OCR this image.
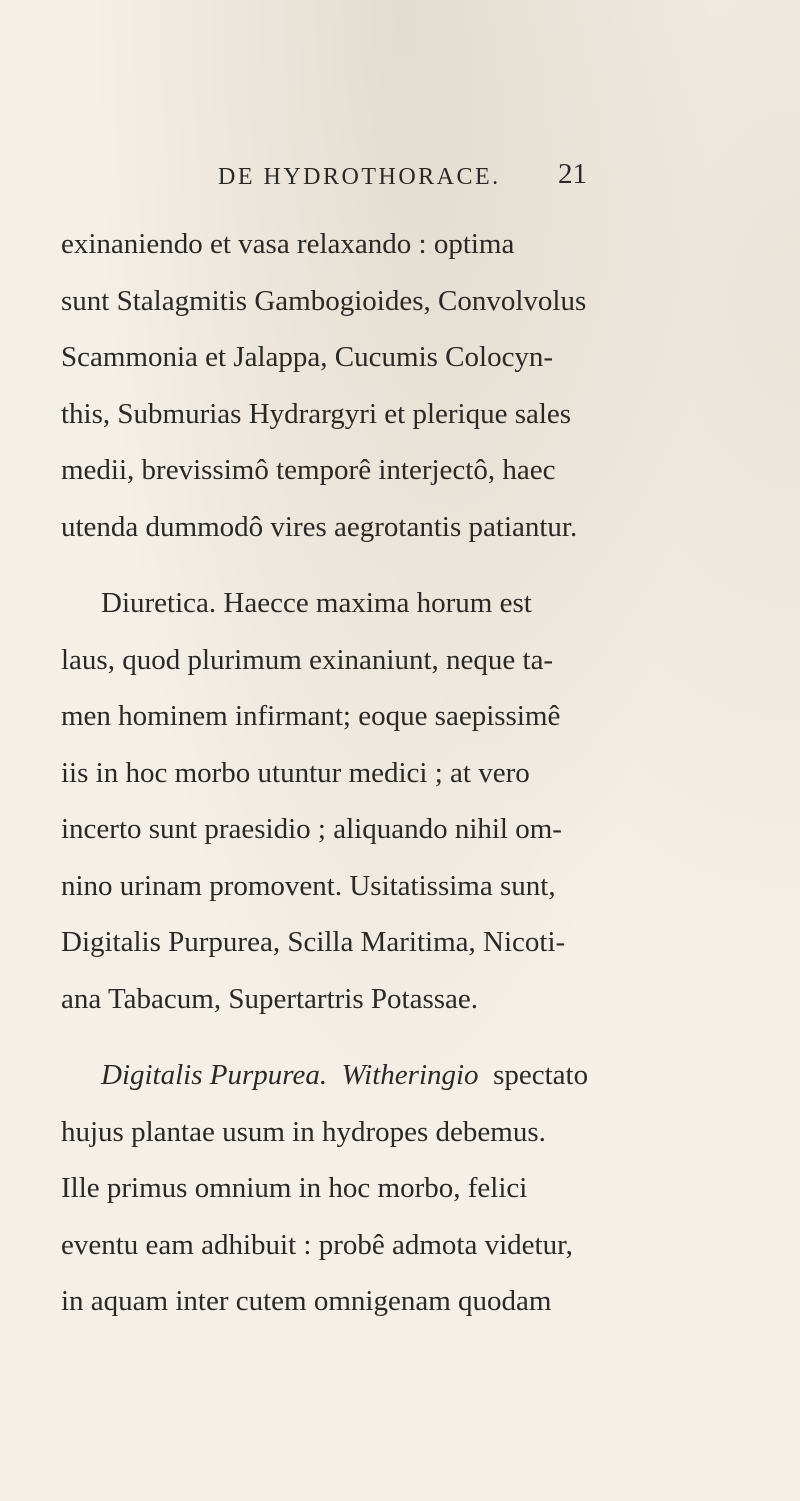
DE HYDROTHORACE. 21
exinaniendo et vasa relaxando : optima
sunt Stalagmitis Gambogioides, Convolvolus
Scammonia et Jalappa, Cucumis Colocyn-
this, Submurias Hydrargyri et plerique sales
medii, brevissimô temporê interjectô, haec
utenda dummodô vires aegrotantis patiantur.
Diuretica. Haecce maxima horum est
laus, quod plurimum exinaniunt, neque ta-
men hominem infirmant; eoque saepissimê
iis in hoc morbo utuntur medici ; at vero
incerto sunt praesidio ; aliquando nihil om-
nino urinam promovent. Usitatissima sunt,
Digitalis Purpurea, Scilla Maritima, Nicoti-
ana Tabacum, Supertartris Potassae.
Digitalis Purpurea. Witheringio spectato
hujus plantae usum in hydropes debemus.
Ille primus omnium in hoc morbo, felici
eventu eam adhibuit : probê admota videtur,
in aquam inter cutem omnigenam quodam
